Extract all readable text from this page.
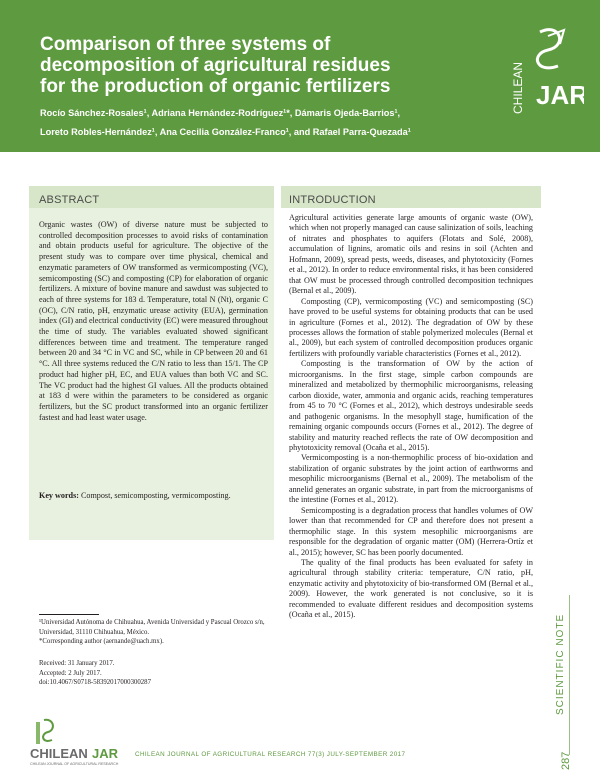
Comparison of three systems of
decomposition of agricultural residues
for the production of organic fertilizers
Rocío Sánchez-Rosales¹, Adriana Hernández-Rodríguez¹*, Dámaris Ojeda-Barrios¹,
Loreto Robles-Hernández¹, Ana Cecilia González-Franco¹, and Rafael Parra-Quezada¹
CHILEAN JAR
ABSTRACT
Organic wastes (OW) of diverse nature must be subjected to controlled decomposition processes to avoid risks of contamination and obtain products useful for agriculture. The objective of the present study was to compare over time physical, chemical and enzymatic parameters of OW transformed as vermicomposting (VC), semicomposting (SC) and composting (CP) for elaboration of organic fertilizers. A mixture of bovine manure and sawdust was subjected to each of three systems for 183 d. Temperature, total N (Nt), organic C (OC), C/N ratio, pH, enzymatic urease activity (EUA), germination index (GI) and electrical conductivity (EC) were measured throughout the time of study. The variables evaluated showed significant differences between time and treatment. The temperature ranged between 20 and 34 °C in VC and SC, while in CP between 20 and 61 °C. All three systems reduced the C/N ratio to less than 15/1. The CP product had higher pH, EC, and EUA values than both VC and SC. The VC product had the highest GI values. All the products obtained at 183 d were within the parameters to be considered as organic fertilizers, but the SC product transformed into an organic fertilizer fastest and had least water usage.
Key words: Compost, semicomposting, vermicomposting.
INTRODUCTION

Agricultural activities generate large amounts of organic waste (OW), which when not properly managed can cause salinization of soils, leaching of nitrates and phosphates to aquifers (Flotats and Solé, 2008), accumulation of lignins, aromatic oils and resins in soil (Achten and Hofmann, 2009), spread pests, weeds, diseases, and phytotoxicity (Fornes et al., 2012). In order to reduce environmental risks, it has been considered that OW must be processed through controlled decomposition techniques (Bernal et al., 2009).

Composting (CP), vermicomposting (VC) and semicomposting (SC) have proved to be useful systems for obtaining products that can be used in agriculture (Fornes et al., 2012). The degradation of OW by these processes allows the formation of stable polymerized molecules (Bernal et al., 2009), but each system of controlled decomposition produces organic fertilizers with profoundly variable characteristics (Fornes et al., 2012).

Composting is the transformation of OW by the action of microorganisms. In the first stage, simple carbon compounds are mineralized and metabolized by thermophilic microorganisms, releasing carbon dioxide, water, ammonia and organic acids, reaching temperatures from 45 to 70 °C (Fornes et al., 2012), which destroys undesirable seeds and pathogenic organisms. In the mesophyll stage, humification of the remaining organic compounds occurs (Fornes et al., 2012). The degree of stability and maturity reached reflects the rate of OW decomposition and phytotoxicity removal (Ocaña et al., 2015).

Vermicomposting is a non-thermophilic process of bio-oxidation and stabilization of organic substrates by the joint action of earthworms and mesophilic microorganisms (Bernal et al., 2009). The metabolism of the annelid generates an organic substrate, in part from the microorganisms of the intestine (Fornes et al., 2012).

Semicomposting is a degradation process that handles volumes of OW lower than that recommended for CP and therefore does not present a thermophilic stage. In this system mesophilic microorganisms are responsible for the degradation of organic matter (OM) (Herrera-Ortíz et al., 2015); however, SC has been poorly documented.

The quality of the final products has been evaluated for safety in agricultural through stability criteria: temperature, C/N ratio, pH, enzymatic activity and phytotoxicity of bio-transformed OM (Bernal et al., 2009). However, the work generated is not conclusive, so it is recommended to evaluate different residues and decomposition systems (Ocaña et al., 2015).

¹Universidad Autónoma de Chihuahua, Avenida Universidad y Pascual Orozco s/n, Universidad, 31110 Chihuahua, México.
*Corresponding author (aernande@uach.mx).
Received: 31 January 2017.
Accepted: 2 July 2017.
doi:10.4067/S0718-58392017000300287	SCIENTIFIC NOTE
287
CHILEAN JAR
CHILEAN JOURNAL OF AGRICULTURAL RESEARCH
CHILEAN JOURNAL OF AGRICULTURAL RESEARCH 77(3) JULY-SEPTEMBER 2017
